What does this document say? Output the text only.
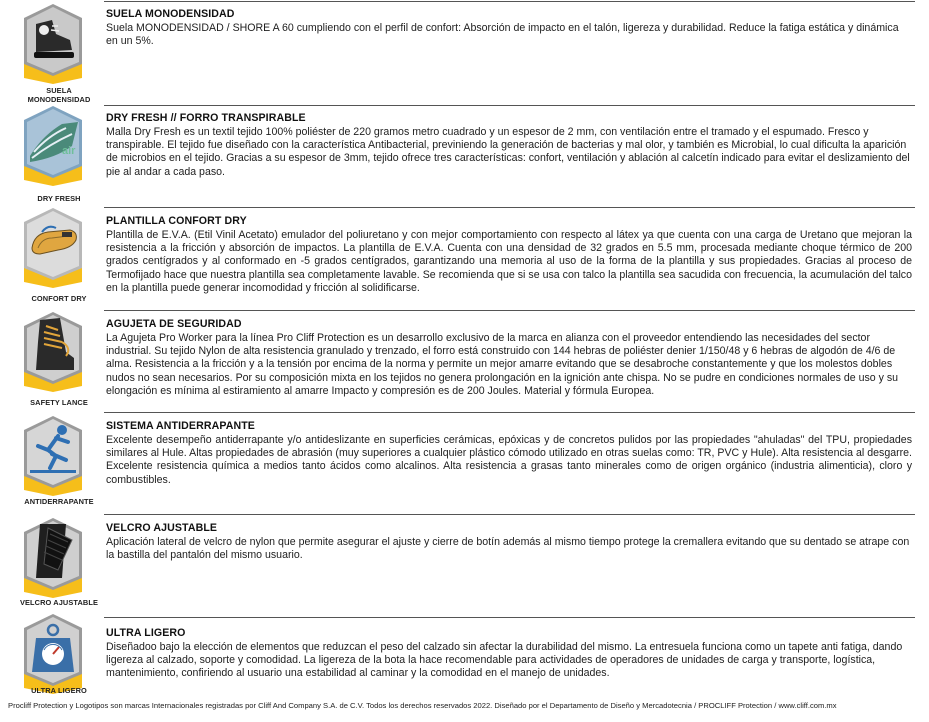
SUELA
MONODENSIDAD
SUELA MONODENSIDAD
Suela MONODENSIDAD / SHORE A 60 cumpliendo con el perfil de confort: Absorción de impacto en el talón, ligereza y durabilidad. Reduce la fatiga estática y dinámica en un 5%.
air
DRY FRESH
DRY FRESH // FORRO TRANSPIRABLE
Malla Dry Fresh es un textil tejido 100% poliéster de 220 gramos metro cuadrado y un espesor de 2 mm, con ventilación entre el tramado y el espumado. Fresco y transpirable. El tejido fue diseñado con la característica Antibacterial, previniendo la generación de bacterias y mal olor, y también es Microbial, lo cual dificulta la aparición de microbios en el tejido. Gracias a su espesor de 3mm, tejido ofrece tres características: confort, ventilación y ablación al calcetín indicado para evitar el deslizamiento del pie al andar a cada paso.
CONFORT DRY
PLANTILLA CONFORT DRY
Plantilla de E.V.A. (Etil Vinil Acetato) emulador del poliuretano y con mejor comportamiento con respecto al látex ya que cuenta con una carga de Uretano que mejoran la resistencia a la fricción y absorción de impactos. La plantilla de E.V.A. Cuenta con una densidad de 32 grados en 5.5 mm, procesada mediante choque térmico de 200 grados centígrados y al conformado en -5 grados centígrados, garantizando una memoria al uso de la forma de la plantilla y sus propiedades. Gracias al proceso de Termofijado hace que nuestra plantilla sea completamente lavable. Se recomienda que si se usa con talco la plantilla sea sacudida con frecuencia, la acumulación del talco en la plantilla puede generar incomodidad y fricción al solidificarse.
SAFETY LANCE
AGUJETA DE SEGURIDAD
La Agujeta Pro Worker para la línea Pro Cliff Protection es un desarrollo exclusivo de la marca en alianza con el proveedor entendiendo las necesidades del sector industrial. Su tejido Nylon de alta resistencia granulado y trenzado, el forro está construido con 144 hebras de poliéster denier 1/150/48 y 6 hebras de algodón de 4/6 de alma. Resistencia a la fricción y a la tensión por encima de la norma y permite un mejor amarre evitando que se desabroche constantemente y que los molestos dobles nudos no sean necesarios. Por su composición mixta en los tejidos no genera prolongación en la ignición ante chispa. No se pudre en condiciones normales de uso y su elongación es mínima al estiramiento al amarre Impacto y compresión es de 200 Joules. Material y fórmula Europea.
ANTIDERRAPANTE
SISTEMA ANTIDERRAPANTE
Excelente desempeño antiderrapante y/o antideslizante en superficies cerámicas, epóxicas y de concretos pulidos por las propiedades "ahuladas" del TPU, propiedades similares al Hule. Altas propiedades de abrasión (muy superiores a cualquier plástico cómodo utilizado en otras suelas como: TR, PVC y Hule). Alta resistencia al desgarre. Excelente resistencia química a medios tanto ácidos como alcalinos. Alta resistencia a grasas tanto minerales como de origen orgánico (industria alimenticia), cloro y combustibles.
VELCRO AJUSTABLE
VELCRO AJUSTABLE
Aplicación lateral de velcro de nylon que permite asegurar el ajuste y cierre de botín además al mismo tiempo protege la cremallera evitando que su dentado se atrape con la bastilla del pantalón del mismo usuario.
ULTRA LIGERO
ULTRA LIGERO
Diseñadoo bajo la elección de elementos que reduzcan el peso del calzado sin afectar la durabilidad del mismo. La entresuela funciona como un tapete anti fatiga, dando ligereza al calzado, soporte y comodidad. La ligereza de la bota la hace recomendable para actividades de operadores de unidades de carga y transporte, logística, mantenimiento, confiriendo al usuario una estabilidad al caminar y la comodidad en el manejo de unidades.
Procliff Protection y Logotipos son marcas Internacionales registradas por Cliff And Company S.A. de C.V. Todos los derechos reservados 2022. Diseñado por el Departamento de Diseño y Mercadotecnia / PROCLIFF Protection / www.cliff.com.mx
